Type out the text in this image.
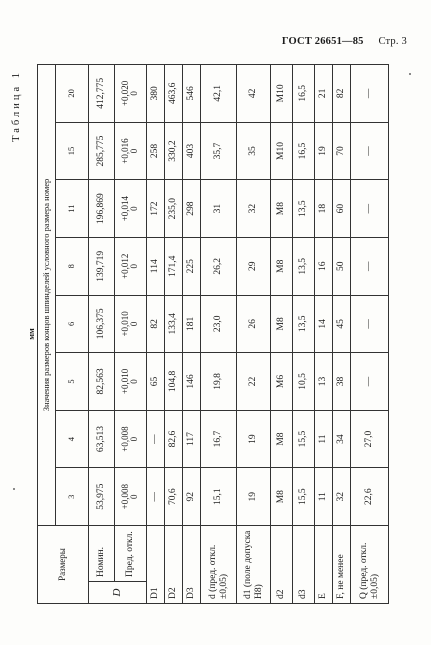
ГОСТ 26651—85 Стр. 3
Таблица 1
мм
Размеры		Значения размеров концов шпинделей условного размера номер							
		3	4	5	6	8	11	15	20
D	Номин.	53,975	63,513	82,563	106,375	139,719	196,869	285,775	412,775
	Пред. откл.	+0,008 0	+0,008 0	+0,010 0	+0,010 0	+0,012 0	+0,014 0	+0,016 0	+0,020 0

D1		—	—	65	82	114	172	258	380
D2		70,6	82,6	104,8	133,4	171,4	235,0	330,2	463,6
D3		92	117	146	181	225	298	403	546
d (пред. откл. ±0,05)		15,1	16,7	19,8	23,0	26,2	31	35,7	42,1
d1 (поле допуска H8)		19	19	22	26	29	32	35	42
d2		M8	M8	M6	M8	M8	M8	M10	M10
d3		15,5	15,5	10,5	13,5	13,5	13,5	16,5	16,5
E		11	11	13	14	16	18	19	21
F, не менее		32	34	38	45	50	60	70	82
Q (пред. откл. ±0,05)		22,6	27,0	—	—	—	—	—	—
